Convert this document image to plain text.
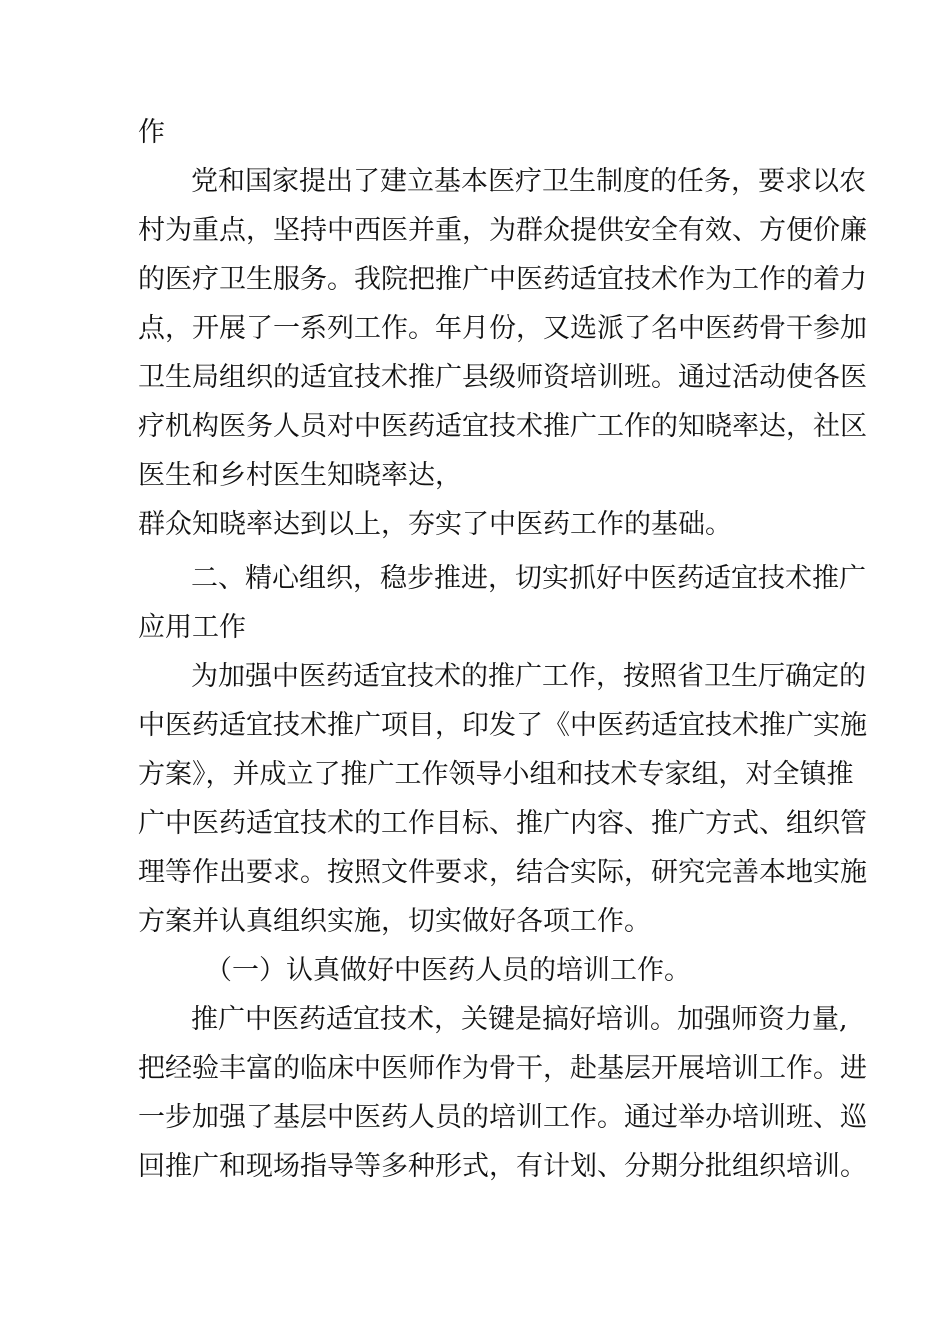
作
党和国家提出了建立基本医疗卫生制度的任务，要求以农
村为重点，坚持中西医并重，为群众提供安全有效、方便价廉
的医疗卫生服务。我院把推广中医药适宜技术作为工作的着力
点，开展了一系列工作。年月份，又选派了名中医药骨干参加
卫生局组织的适宜技术推广县级师资培训班。通过活动使各医
疗机构医务人员对中医药适宜技术推广工作的知晓率达，社区
医生和乡村医生知晓率达，
群众知晓率达到以上，夯实了中医药工作的基础。
二、精心组织，稳步推进，切实抓好中医药适宜技术推广
应用工作
为加强中医药适宜技术的推广工作，按照省卫生厅确定的
中医药适宜技术推广项目，印发了《中医药适宜技术推广实施
方案》，并成立了推广工作领导小组和技术专家组，对全镇推
广中医药适宜技术的工作目标、推广内容、推广方式、组织管
理等作出要求。按照文件要求，结合实际，研究完善本地实施
方案并认真组织实施，切实做好各项工作。
（一）认真做好中医药人员的培训工作。
推广中医药适宜技术，关键是搞好培训。加强师资力量,
把经验丰富的临床中医师作为骨干，赴基层开展培训工作。进
一步加强了基层中医药人员的培训工作。通过举办培训班、巡
回推广和现场指导等多种形式，有计划、分期分批组织培训。
